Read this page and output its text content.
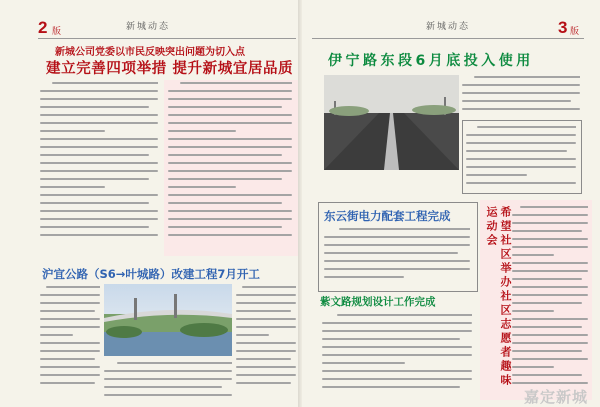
2 版	新城动态
新城公司党委以市民反映突出问题为切入点
建立完善四项举措 提升新城宜居品质
沪宜公路（S6→叶城路）改建工程7月开工
新城动态	3 版
伊宁路东段6月底投入使用
东云街电力配套工程完成
紫文路规划设计工作完成	希望社区举办社区志愿者趣味运动会
嘉定新城
